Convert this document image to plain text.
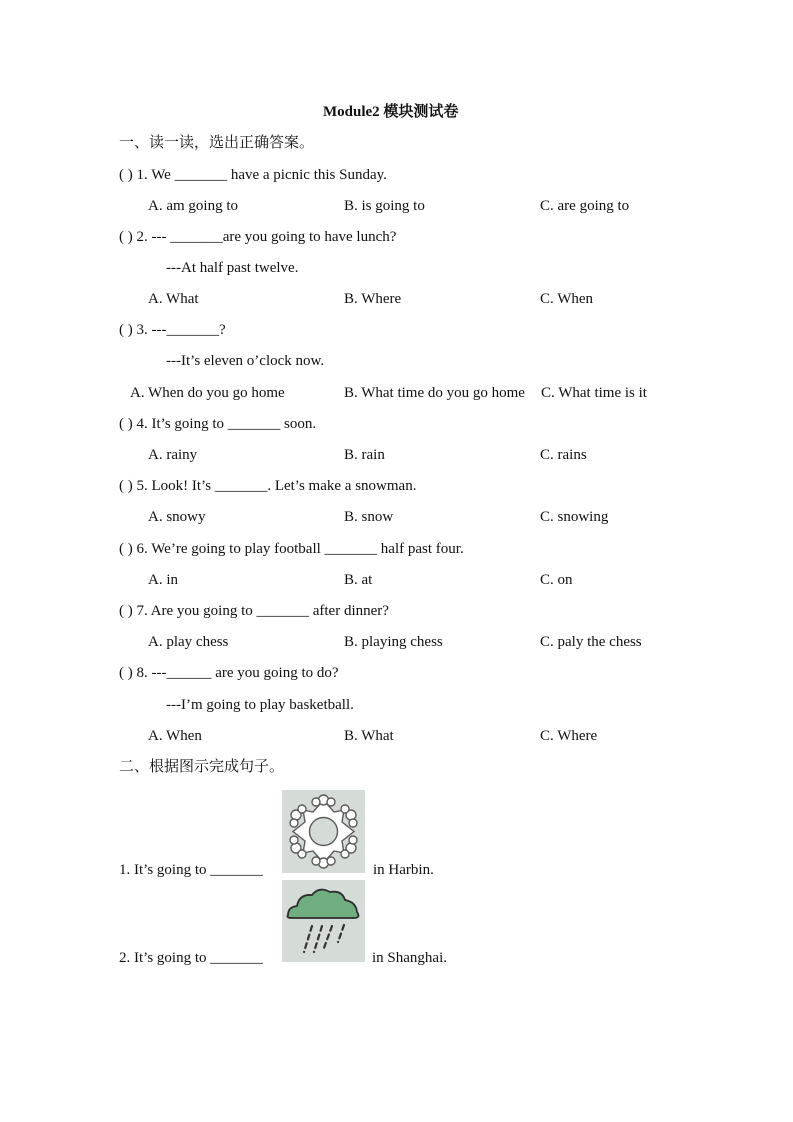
Module2 模块测试卷
一、读一读，选出正确答案。
( ) 1. We _______ have a picnic this Sunday.
A. am going to	B. is going to	C. are going to
( ) 2. --- _______are you going to have lunch?
---At half past twelve.
A. What	B. Where	C. When
( ) 3. ---_______?
---It’s eleven o’clock now.
A. When do you go home	B. What time do you go home C. What time is it
( ) 4. It’s going to _______ soon.
A. rainy	B. rain	C. rains
( ) 5. Look! It’s _______. Let’s make a snowman.
A. snowy	B. snow	C. snowing
( ) 6. We’re going to play football _______ half past four.
A. in	B. at	C. on
( ) 7. Are you going to _______ after dinner?
A. play chess	B. playing chess	C. paly the chess
( ) 8. ---______ are you going to do?
---I’m going to play basketball.
A. When	B. What	C. Where
二、根据图示完成句子。
1. It’s going to _______	in Harbin.
2. It’s going to _______	in Shanghai.
